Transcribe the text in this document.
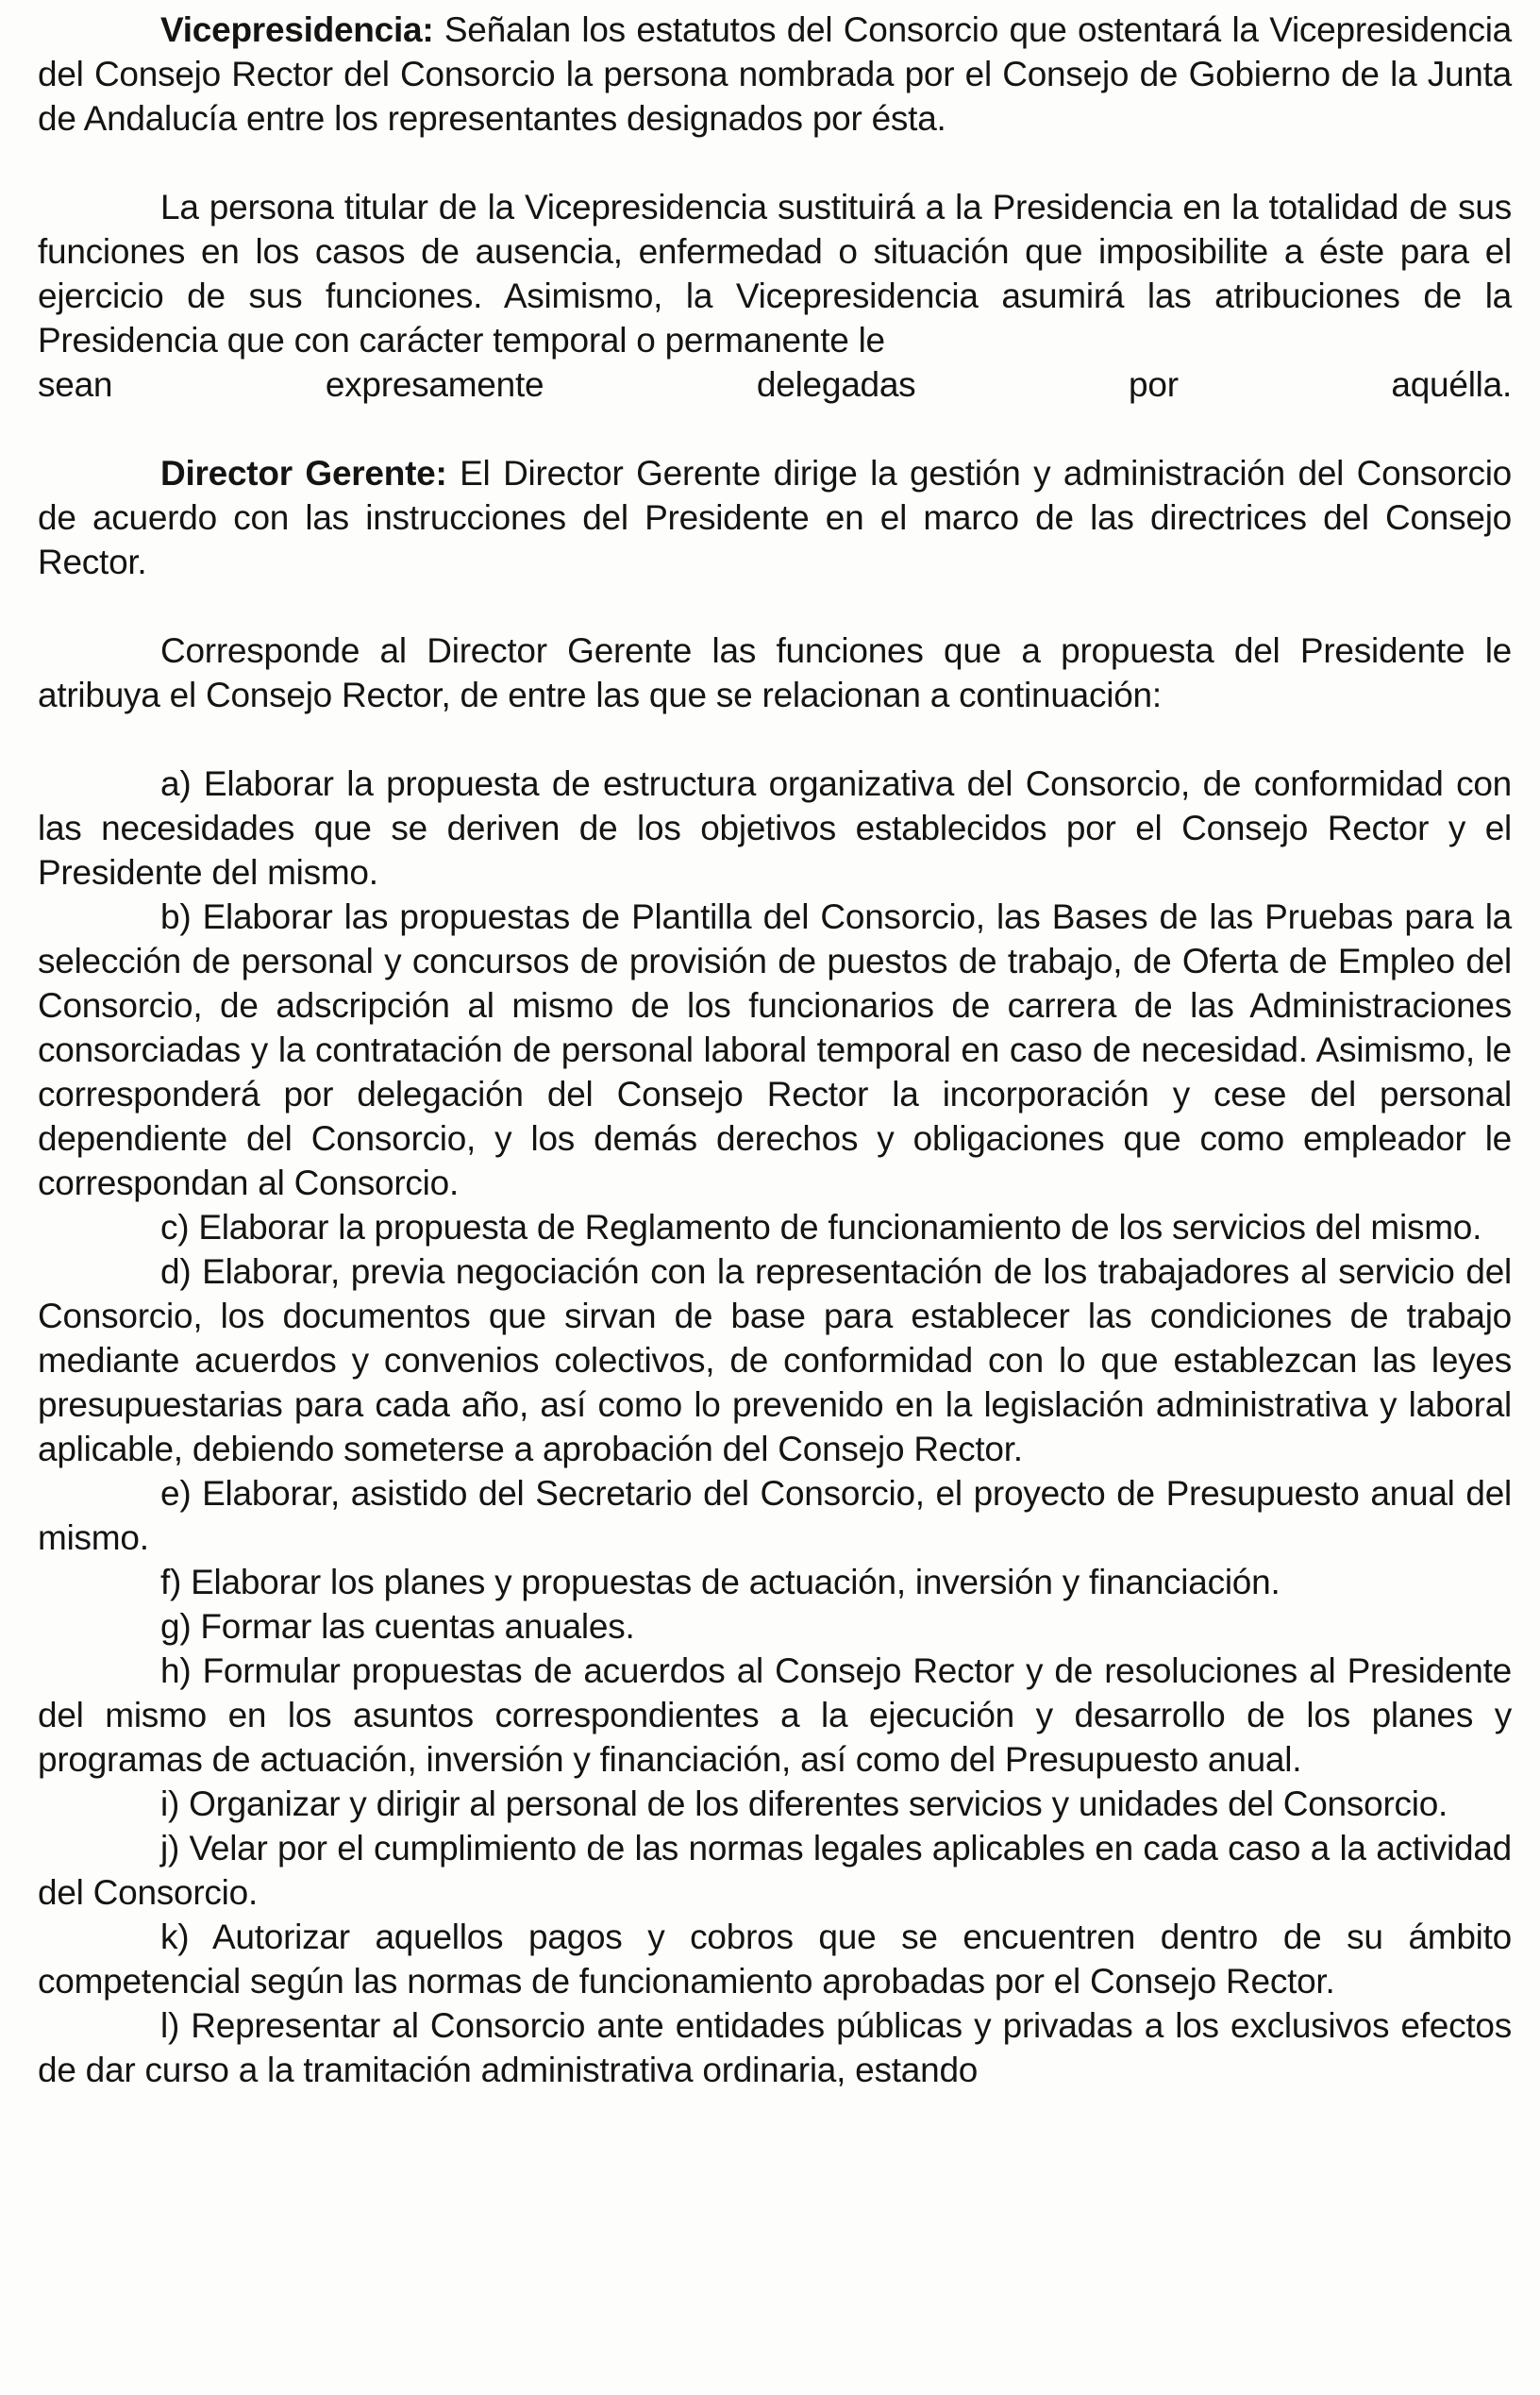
Vicepresidencia: Señalan los estatutos del Consorcio que ostentará la Vicepresidencia del Consejo Rector del Consorcio la persona nombrada por el Consejo de Gobierno de la Junta de Andalucía entre los representantes designados por ésta.

La persona titular de la Vicepresidencia sustituirá a la Presidencia en la totalidad de sus funciones en los casos de ausencia, enfermedad o situación que imposibilite a éste para el ejercicio de sus funciones. Asimismo, la Vicepresidencia asumirá las atribuciones de la Presidencia que con carácter temporal o permanente le

sean	expresamente	delegadas	por	aquélla.

Director Gerente: El Director Gerente dirige la gestión y administración del Consorcio de acuerdo con las instrucciones del Presidente en el marco de las directrices del Consejo Rector.

Corresponde al Director Gerente las funciones que a propuesta del Presidente le atribuya el Consejo Rector, de entre las que se relacionan a continuación:

a) Elaborar la propuesta de estructura organizativa del Consorcio, de conformidad con las necesidades que se deriven de los objetivos establecidos por el Consejo Rector y el Presidente del mismo.

b) Elaborar las propuestas de Plantilla del Consorcio, las Bases de las Pruebas para la selección de personal y concursos de provisión de puestos de trabajo, de Oferta de Empleo del Consorcio, de adscripción al mismo de los funcionarios de carrera de las Administraciones consorciadas y la contratación de personal laboral temporal en caso de necesidad. Asimismo, le corresponderá por delegación del Consejo Rector la incorporación y cese del personal dependiente del Consorcio, y los demás derechos y obligaciones que como empleador le correspondan al Consorcio.

c) Elaborar la propuesta de Reglamento de funcionamiento de los servicios del mismo.

d) Elaborar, previa negociación con la representación de los trabajadores al servicio del Consorcio, los documentos que sirvan de base para establecer las condiciones de trabajo mediante acuerdos y convenios colectivos, de conformidad con lo que establezcan las leyes presupuestarias para cada año, así como lo prevenido en la legislación administrativa y laboral aplicable, debiendo someterse a aprobación del Consejo Rector.

e) Elaborar, asistido del Secretario del Consorcio, el proyecto de Presupuesto anual del mismo.

f) Elaborar los planes y propuestas de actuación, inversión y financiación.

g) Formar las cuentas anuales.

h) Formular propuestas de acuerdos al Consejo Rector y de resoluciones al Presidente del mismo en los asuntos correspondientes a la ejecución y desarrollo de los planes y programas de actuación, inversión y financiación, así como del Presupuesto anual.

i) Organizar y dirigir al personal de los diferentes servicios y unidades del Consorcio.

j) Velar por el cumplimiento de las normas legales aplicables en cada caso a la actividad del Consorcio.

k) Autorizar aquellos pagos y cobros que se encuentren dentro de su ámbito competencial según las normas de funcionamiento aprobadas por el Consejo Rector.

l) Representar al Consorcio ante entidades públicas y privadas a los exclusivos efectos de dar curso a la tramitación administrativa ordinaria, estando
